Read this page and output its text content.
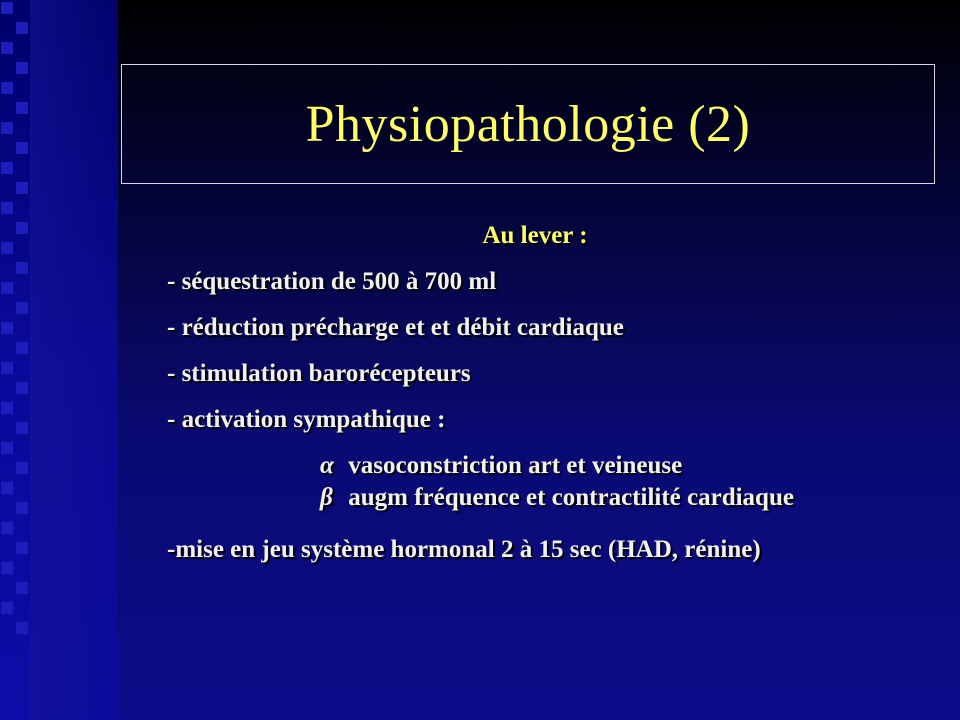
Physiopathologie (2)
Au lever :
- séquestration de 500 à 700 ml
- réduction précharge et et débit cardiaque
- stimulation barorécepteurs
- activation sympathique :
α vasoconstriction art et veineuse
β augm fréquence et contractilité cardiaque
-mise en jeu système hormonal 2 à 15 sec (HAD, rénine)
